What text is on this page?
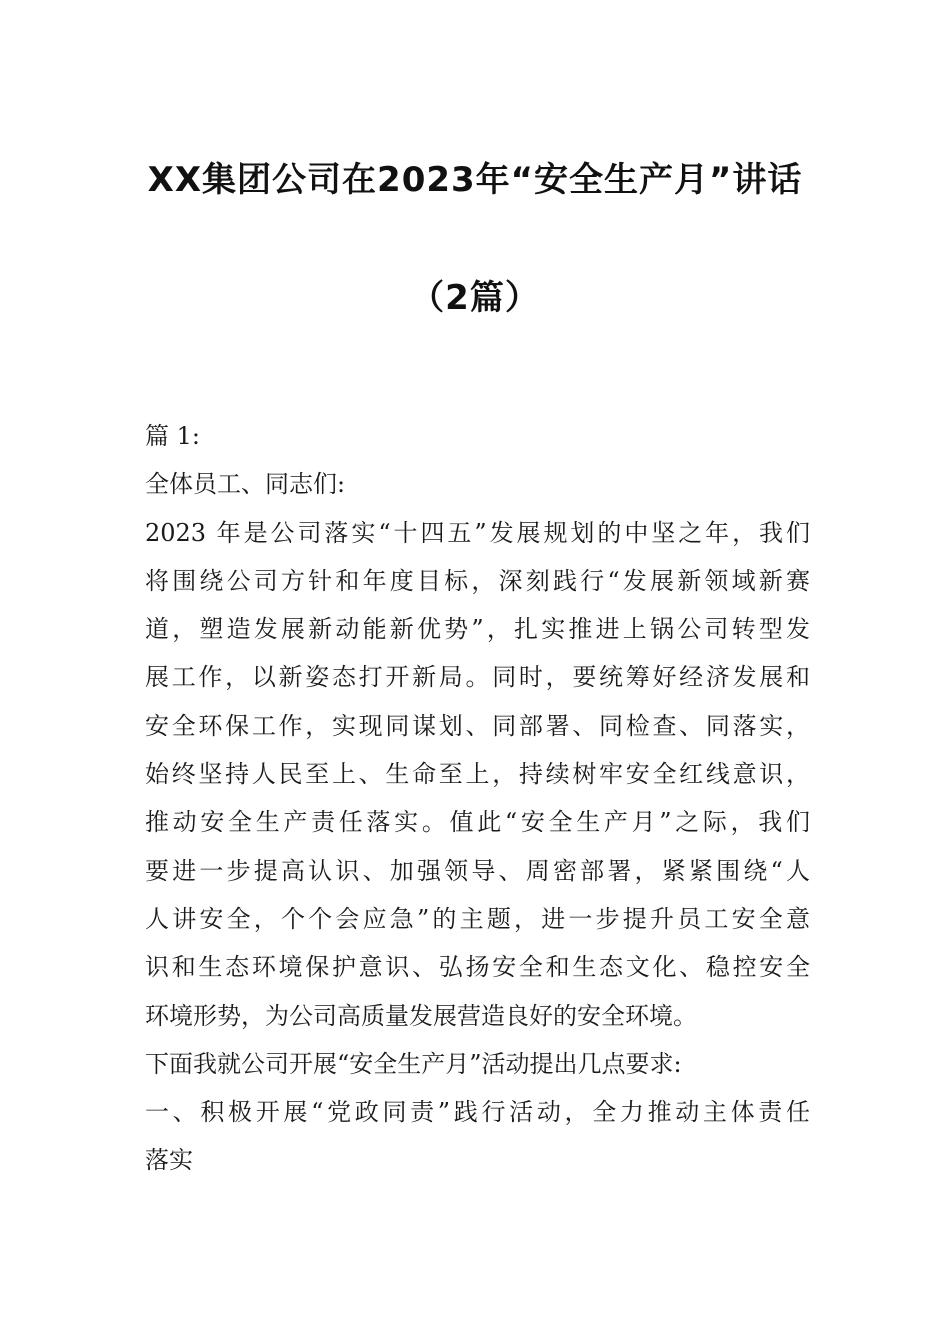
XX集团公司在2023年“安全生产月”讲话
（2篇）
篇 1:
全体员工、同志们:
2023 年是公司落实“十四五”发展规划的中坚之年，我们
将围绕公司方针和年度目标，深刻践行“发展新领域新赛
道，塑造发展新动能新优势”，扎实推进上锅公司转型发
展工作，以新姿态打开新局。同时，要统筹好经济发展和
安全环保工作，实现同谋划、同部署、同检查、同落实，
始终坚持人民至上、生命至上，持续树牢安全红线意识，
推动安全生产责任落实。值此“安全生产月”之际，我们
要进一步提高认识、加强领导、周密部署，紧紧围绕“人
人讲安全，个个会应急”的主题，进一步提升员工安全意
识和生态环境保护意识、弘扬安全和生态文化、稳控安全
环境形势，为公司高质量发展营造良好的安全环境。
下面我就公司开展“安全生产月”活动提出几点要求:
一、积极开展“党政同责”践行活动，全力推动主体责任
落实
